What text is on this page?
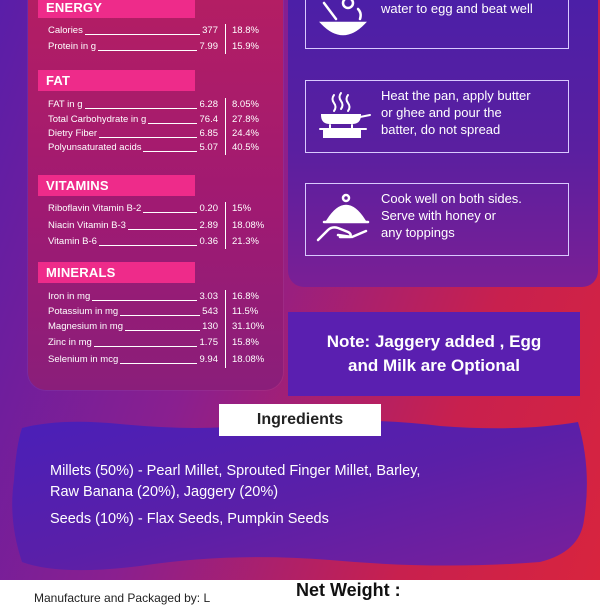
ENERGY
Calories	377 18.8%
Protein in g	7.99 15.9%
FAT
FAT in g	6.28 8.05%
Total Carbohydrate in g	76.4 27.8%
Dietry Fiber	6.85 24.4%
Polyunsaturated acids	5.07 40.5%
VITAMINS
Riboflavin Vitamin B-2	0.20 15%
Niacin Vitamin B-3	2.89 18.08%
Vitamin B-6	0.36 21.3%
MINERALS
Iron in mg	3.03 16.8%
Potassium in mg	543 11.5%
Magnesium in mg	130 31.10%
Zinc in mg	1.75 15.8%
Selenium in mcg	9.94 18.08%
water to egg and beat well
Heat the pan, apply butter
or ghee and pour the
batter, do not spread
Cook well on both sides.
Serve with honey or
any toppings
Note: Jaggery added , Egg
and Milk are Optional
Ingredients
Millets (50%) - Pearl Millet, Sprouted Finger Millet, Barley,
Raw Banana (20%), Jaggery (20%)
Seeds (10%) - Flax Seeds, Pumpkin Seeds
Manufacture and Packaged by: L	Net Weight :
